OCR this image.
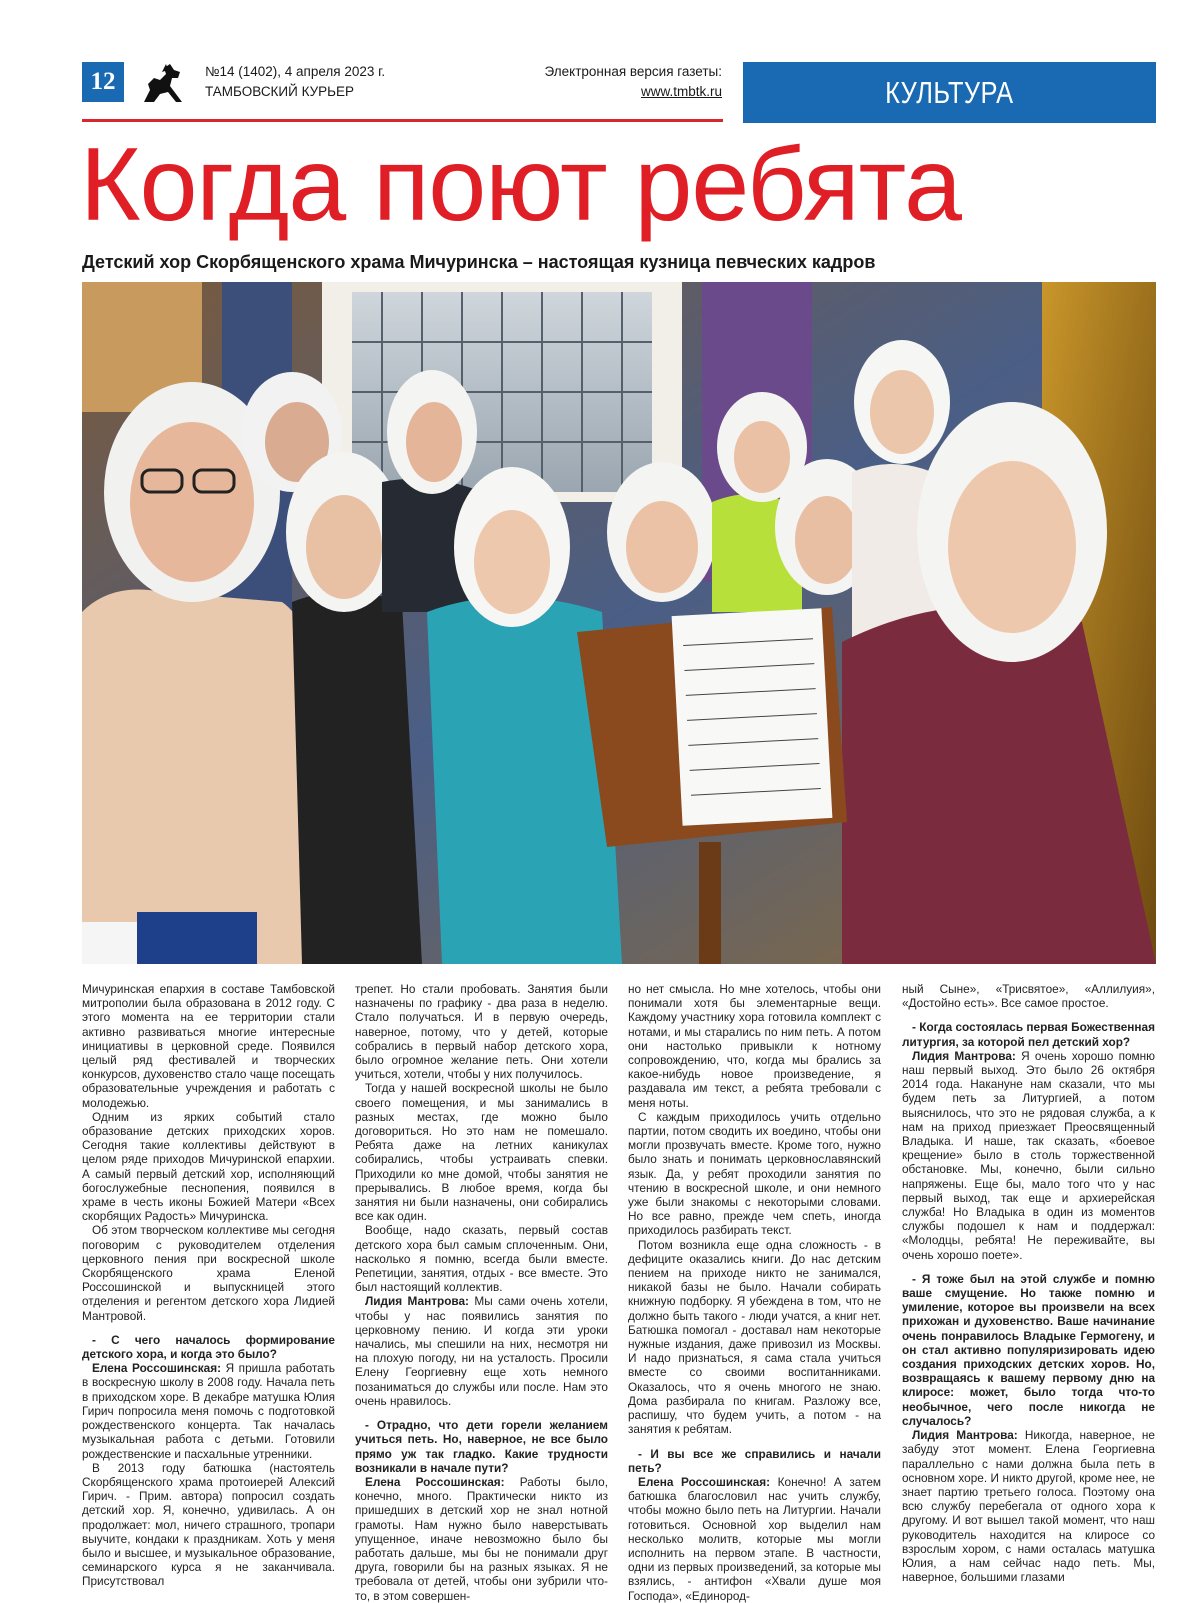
12	№14 (1402), 4 апреля 2023 г.
ТАМБОВСКИЙ КУРЬЕР
Электронная версия газеты:
www.tmbtk.ru	КУЛЬТУРА
Когда поют ребята
Детский хор Скорбященского храма Мичуринска – настоящая кузница певческих кадров

Мичуринская епархия в составе Тамбовской митрополии была образована в 2012 году. С этого момента на ее территории стали активно развиваться многие интересные инициативы в церковной среде. Появился целый ряд фестивалей и творческих конкурсов, духовенство стало чаще посещать образовательные учреждения и работать с молодежью.

Одним из ярких событий стало образование детских приходских хоров. Сегодня такие коллективы действуют в целом ряде приходов Мичуринской епархии. А самый первый детский хор, исполняющий богослужебные песнопения, появился в храме в честь иконы Божией Матери «Всех скорбящих Радость» Мичуринска.

Об этом творческом коллективе мы сегодня поговорим с руководителем отделения церковного пения при воскресной школе Скорбященского храма Еленой Россошинской и выпускницей этого отделения и регентом детского хора Лидией Мантровой.

- С чего началось формирование детского хора, и когда это было?

Елена Россошинская: Я пришла работать в воскресную школу в 2008 году. Начала петь в приходском хоре. В декабре матушка Юлия Гирич попросила меня помочь с подготовкой рождественского концерта. Так началась музыкальная работа с детьми. Готовили рождественские и пасхальные утренники.

В 2013 году батюшка (настоятель Скорбященского храма протоиерей Алексий Гирич. - Прим. автора) попросил создать детский хор. Я, конечно, удивилась. А он продолжает: мол, ничего страшного, тропари выучите, кондаки к праздникам. Хоть у меня было и высшее, и музыкальное образование, семинарского курса я не заканчивала. Присутствовал

трепет. Но стали пробовать. Занятия были назначены по графику - два раза в неделю. Стало получаться. И в первую очередь, наверное, потому, что у детей, которые собрались в первый набор детского хора, было огромное желание петь. Они хотели учиться, хотели, чтобы у них получилось.

Тогда у нашей воскресной школы не было своего помещения, и мы занимались в разных местах, где можно было договориться. Но это нам не помешало. Ребята даже на летних каникулах собирались, чтобы устраивать спевки. Приходили ко мне домой, чтобы занятия не прерывались. В любое время, когда бы занятия ни были назначены, они собирались все как один.

Вообще, надо сказать, первый состав детского хора был самым сплоченным. Они, насколько я помню, всегда были вместе. Репетиции, занятия, отдых - все вместе. Это был настоящий коллектив.

Лидия Мантрова: Мы сами очень хотели, чтобы у нас появились занятия по церковному пению. И когда эти уроки начались, мы спешили на них, несмотря ни на плохую погоду, ни на усталость. Просили Елену Георгиевну еще хоть немного позаниматься до службы или после. Нам это очень нравилось.

- Отрадно, что дети горели желанием учиться петь. Но, наверное, не все было прямо уж так гладко. Какие трудности возникали в начале пути?

Елена Россошинская: Работы было, конечно, много. Практически никто из пришедших в детский хор не знал нотной грамоты. Нам нужно было наверстывать упущенное, иначе невозможно было бы работать дальше, мы бы не понимали друг друга, говорили бы на разных языках. Я не требовала от детей, чтобы они зубрили что-то, в этом совершен-

но нет смысла. Но мне хотелось, чтобы они понимали хотя бы элементарные вещи. Каждому участнику хора готовила комплект с нотами, и мы старались по ним петь. А потом они настолько привыкли к нотному сопровождению, что, когда мы брались за какое-нибудь новое произведение, я раздавала им текст, а ребята требовали с меня ноты.

С каждым приходилось учить отдельно партии, потом сводить их воедино, чтобы они могли прозвучать вместе. Кроме того, нужно было знать и понимать церковнославянский язык. Да, у ребят проходили занятия по чтению в воскресной школе, и они немного уже были знакомы с некоторыми словами. Но все равно, прежде чем спеть, иногда приходилось разбирать текст.

Потом возникла еще одна сложность - в дефиците оказались книги. До нас детским пением на приходе никто не занимался, никакой базы не было. Начали собирать книжную подборку. Я убеждена в том, что не должно быть такого - люди учатся, а книг нет. Батюшка помогал - доставал нам некоторые нужные издания, даже привозил из Москвы. И надо признаться, я сама стала учиться вместе со своими воспитанниками. Оказалось, что я очень многого не знаю. Дома разбирала по книгам. Разложу все, распишу, что будем учить, а потом - на занятия к ребятам.

- И вы все же справились и начали петь?

Елена Россошинская: Конечно! А затем батюшка благословил нас учить службу, чтобы можно было петь на Литургии. Начали готовиться. Основной хор выделил нам несколько молитв, которые мы могли исполнить на первом этапе. В частности, одни из первых произведений, за которые мы взялись, - антифон «Хвали душе моя Господа», «Единород-

ный Сыне», «Трисвятое», «Аллилуия», «Достойно есть». Все самое простое.

- Когда состоялась первая Божественная литургия, за которой пел детский хор?

Лидия Мантрова: Я очень хорошо помню наш первый выход. Это было 26 октября 2014 года. Накануне нам сказали, что мы будем петь за Литургией, а потом выяснилось, что это не рядовая служба, а к нам на приход приезжает Преосвященный Владыка. И наше, так сказать, «боевое крещение» было в столь торжественной обстановке. Мы, конечно, были сильно напряжены. Еще бы, мало того что у нас первый выход, так еще и архиерейская служба! Но Владыка в один из моментов службы подошел к нам и поддержал: «Молодцы, ребята! Не переживайте, вы очень хорошо поете».

- Я тоже был на этой службе и помню ваше смущение. Но также помню и умиление, которое вы произвели на всех прихожан и духовенство. Ваше начинание очень понравилось Владыке Гермогену, и он стал активно популяризировать идею создания приходских детских хоров. Но, возвращаясь к вашему первому дню на клиросе: может, было тогда что-то необычное, чего после никогда не случалось?

Лидия Мантрова: Никогда, наверное, не забуду этот момент. Елена Георгиевна параллельно с нами должна была петь в основном хоре. И никто другой, кроме нее, не знает партию третьего голоса. Поэтому она всю службу перебегала от одного хора к другому. И вот вышел такой момент, что наш руководитель находится на клиросе со взрослым хором, с нами осталась матушка Юлия, а нам сейчас надо петь. Мы, наверное, большими глазами
